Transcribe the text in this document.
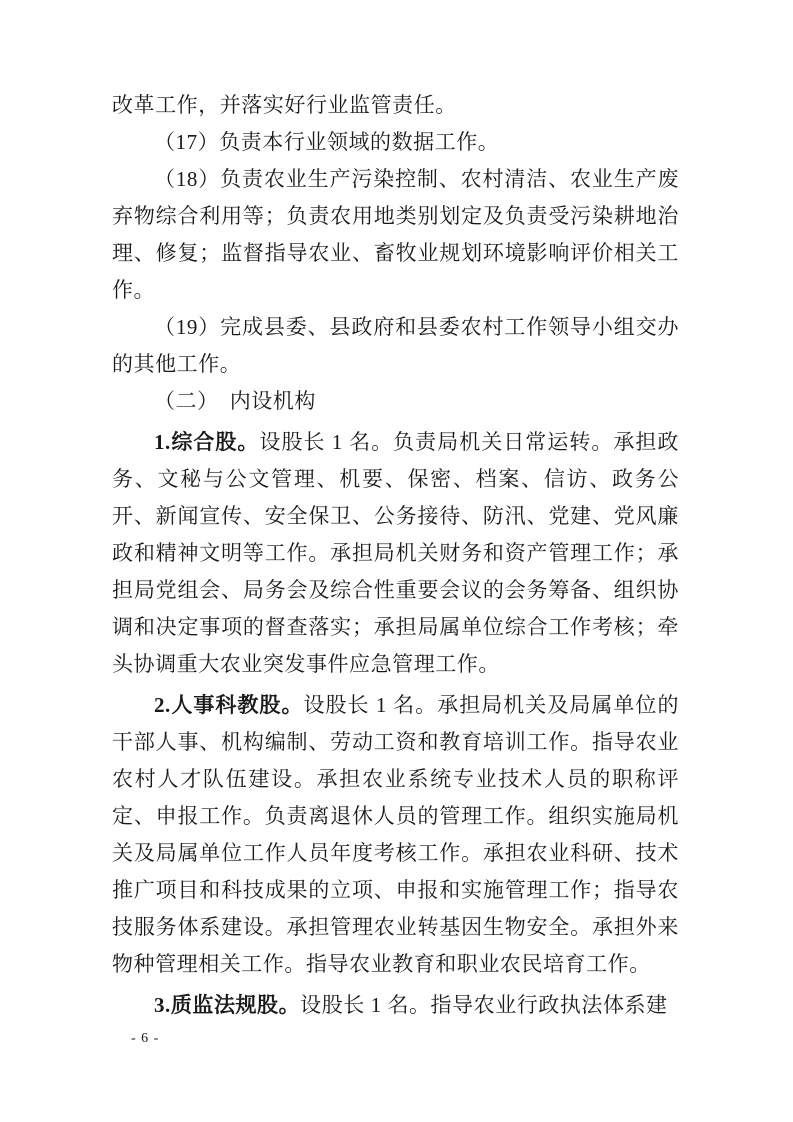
改革工作，并落实好行业监管责任。

（17）负责本行业领域的数据工作。

（18）负责农业生产污染控制、农村清洁、农业生产废弃物综合利用等；负责农用地类别划定及负责受污染耕地治理、修复；监督指导农业、畜牧业规划环境影响评价相关工作。

（19）完成县委、县政府和县委农村工作领导小组交办的其他工作。

（二）　内设机构

1.综合股。设股长 1 名。负责局机关日常运转。承担政务、文秘与公文管理、机要、保密、档案、信访、政务公开、新闻宣传、安全保卫、公务接待、防汛、党建、党风廉政和精神文明等工作。承担局机关财务和资产管理工作；承担局党组会、局务会及综合性重要会议的会务筹备、组织协调和决定事项的督查落实；承担局属单位综合工作考核；牵头协调重大农业突发事件应急管理工作。

2.人事科教股。设股长 1 名。承担局机关及局属单位的干部人事、机构编制、劳动工资和教育培训工作。指导农业农村人才队伍建设。承担农业系统专业技术人员的职称评定、申报工作。负责离退休人员的管理工作。组织实施局机关及局属单位工作人员年度考核工作。承担农业科研、技术推广项目和科技成果的立项、申报和实施管理工作；指导农技服务体系建设。承担管理农业转基因生物安全。承担外来物种管理相关工作。指导农业教育和职业农民培育工作。

3.质监法规股。设股长 1 名。指导农业行政执法体系建

- 6 -
